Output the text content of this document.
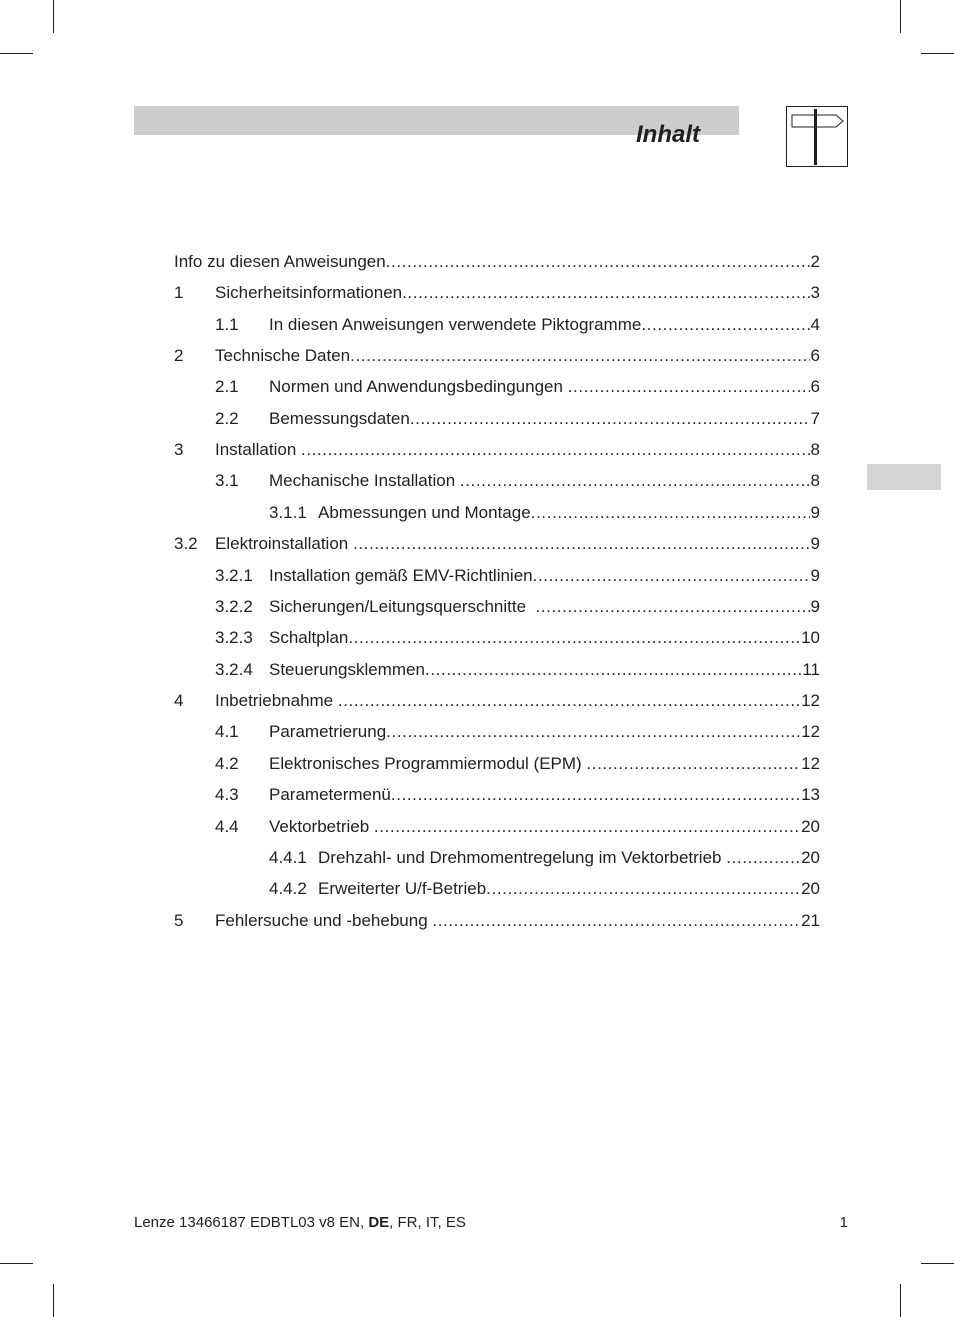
Inhalt
Info zu diesen Anweisungen .....	2
1 Sicherheitsinformationen .....	3
1.1 In diesen Anweisungen verwendete Piktogramme .....	4
2 Technische Daten .....	6
2.1 Normen und Anwendungsbedingungen .....	6
2.2 Bemessungsdaten .....	7
3 Installation .....	8
3.1 Mechanische Installation .....	8
3.1.1 Abmessungen und Montage .....	9
3.2 Elektroinstallation .....	9
3.2.1 Installation gemäß EMV-Richtlinien .....	9
3.2.2 Sicherungen/Leitungsquerschnitte .....	9
3.2.3 Schaltplan .....	10
3.2.4 Steuerungsklemmen .....	11
4 Inbetriebnahme .....	12
4.1 Parametrierung .....	12
4.2 Elektronisches Programmiermodul (EPM) .....	12
4.3 Parametermenü .....	13
4.4 Vektorbetrieb .....	20
4.4.1 Drehzahl- und Drehmomentregelung im Vektorbetrieb .....	20
4.4.2 Erweiterter U/f-Betrieb .....	20
5 Fehlersuche und -behebung .....	21
Lenze 13466187 EDBTL03 v8 EN, DE, FR, IT, ES	1
